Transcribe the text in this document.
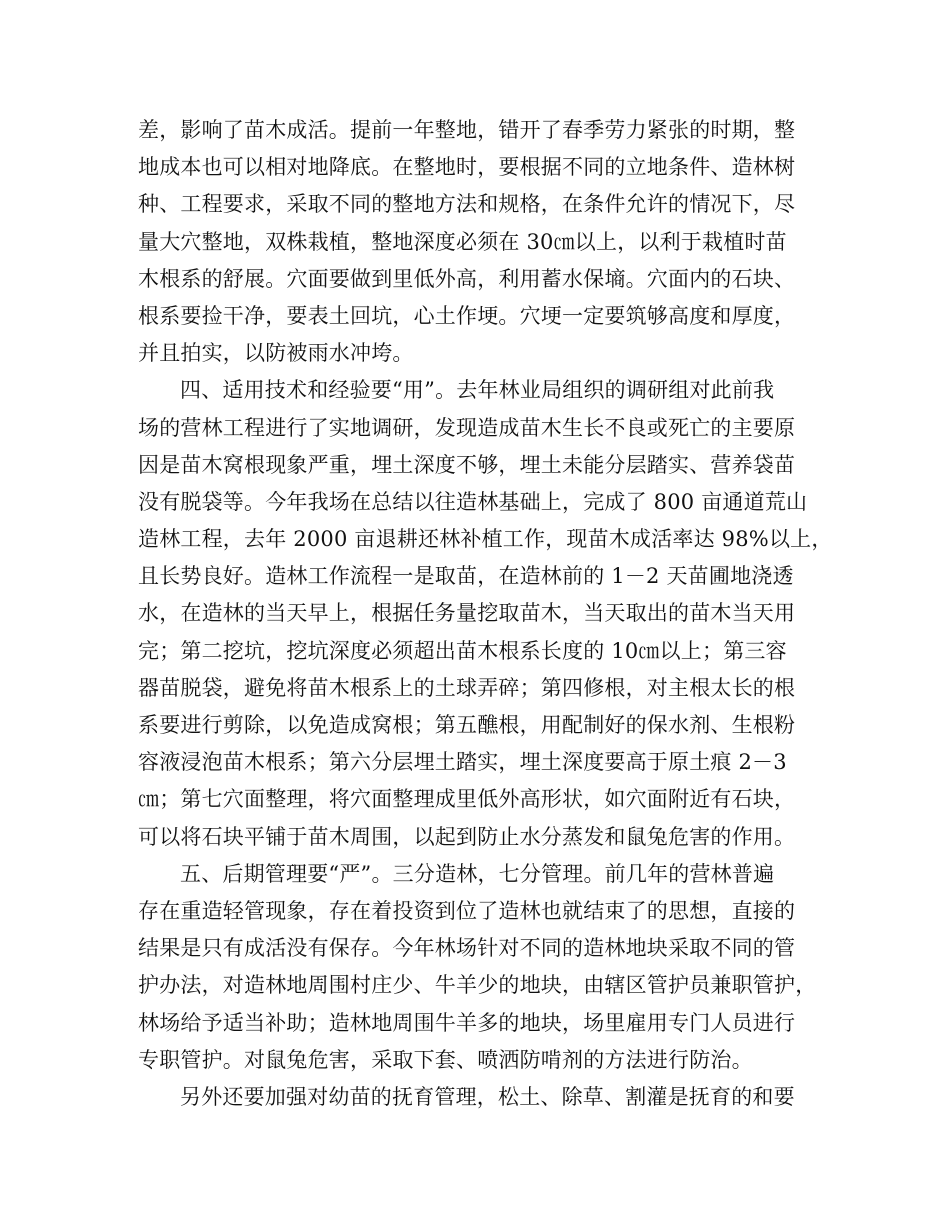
差，影响了苗木成活。提前一年整地，错开了春季劳力紧张的时期，整
地成本也可以相对地降底。在整地时，要根据不同的立地条件、造林树
种、工程要求，采取不同的整地方法和规格，在条件允许的情况下，尽
量大穴整地，双株栽植，整地深度必须在 30㎝以上，以利于栽植时苗
木根系的舒展。穴面要做到里低外高，利用蓄水保墒。穴面内的石块、
根系要捡干净，要表土回坑，心土作埂。穴埂一定要筑够高度和厚度，
并且拍实，以防被雨水冲垮。
四、适用技术和经验要“用”。去年林业局组织的调研组对此前我
场的营林工程进行了实地调研，发现造成苗木生长不良或死亡的主要原
因是苗木窝根现象严重，埋土深度不够，埋土未能分层踏实、营养袋苗
没有脱袋等。今年我场在总结以往造林基础上，完成了 800 亩通道荒山
造林工程，去年 2000 亩退耕还林补植工作，现苗木成活率达 98%以上，
且长势良好。造林工作流程一是取苗，在造林前的 1－2 天苗圃地浇透
水，在造林的当天早上，根据任务量挖取苗木，当天取出的苗木当天用
完；第二挖坑，挖坑深度必须超出苗木根系长度的 10㎝以上；第三容
器苗脱袋，避免将苗木根系上的土球弄碎；第四修根，对主根太长的根
系要进行剪除，以免造成窝根；第五醮根，用配制好的保水剂、生根粉
容液浸泡苗木根系；第六分层埋土踏实，埋土深度要高于原土痕 2－3
㎝；第七穴面整理，将穴面整理成里低外高形状，如穴面附近有石块，
可以将石块平铺于苗木周围，以起到防止水分蒸发和鼠兔危害的作用。
五、后期管理要“严”。三分造林，七分管理。前几年的营林普遍
存在重造轻管现象，存在着投资到位了造林也就结束了的思想，直接的
结果是只有成活没有保存。今年林场针对不同的造林地块采取不同的管
护办法，对造林地周围村庄少、牛羊少的地块，由辖区管护员兼职管护，
林场给予适当补助；造林地周围牛羊多的地块，场里雇用专门人员进行
专职管护。对鼠兔危害，采取下套、喷洒防啃剂的方法进行防治。
另外还要加强对幼苗的抚育管理，松土、除草、割灌是抚育的和要
